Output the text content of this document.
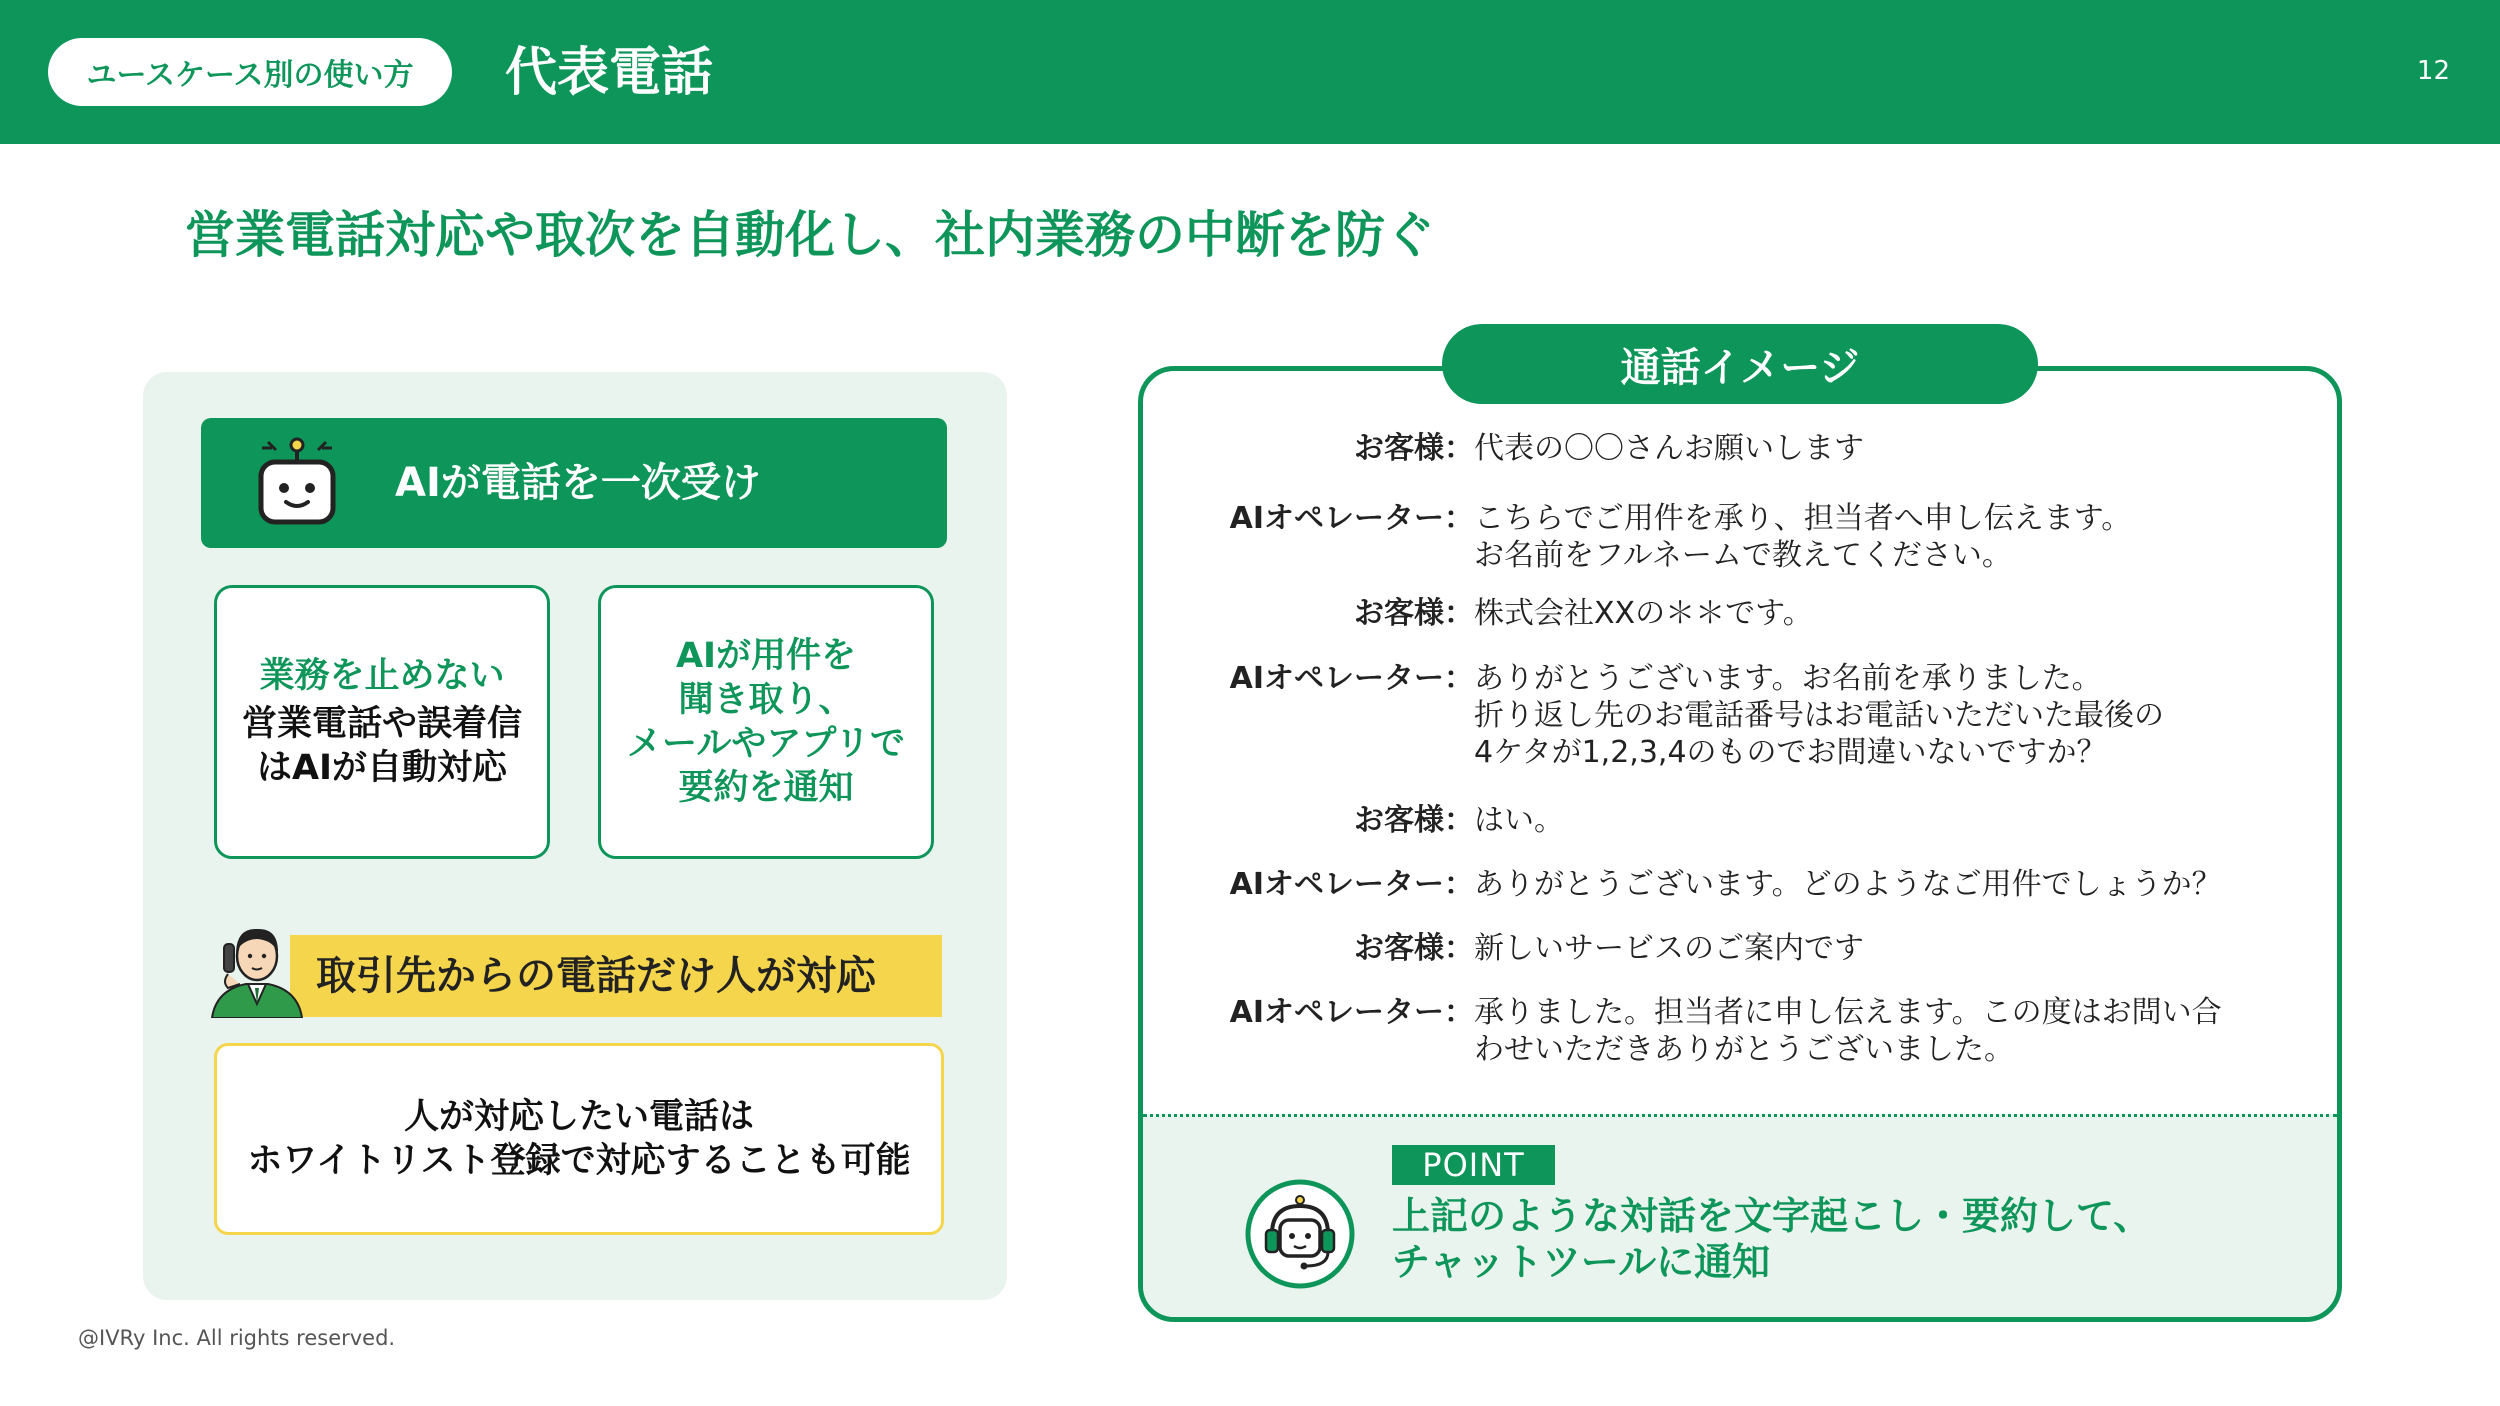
ユースケース別の使い方	代表電話	12
営業電話対応や取次を自動化し、社内業務の中断を防ぐ
AIが電話を一次受け
業務を止めない
営業電話や誤着信
はAIが自動対応
AIが用件を
聞き取り、
メールやアプリで
要約を通知
取引先からの電話だけ人が対応
人が対応したい電話は
ホワイトリスト登録で対応することも可能
@IVRy Inc. All rights reserved.
通話イメージ
お客様 ： 代表の〇〇さんお願いします
AIオペレーター ： こちらでご用件を承り、担当者へ申し伝えます。
お名前をフルネームで教えてください。
お客様 ： 株式会社XXの＊＊です。
AIオペレーター ： ありがとうございます。お名前を承りました。
折り返し先のお電話番号はお電話いただいた最後の
4ケタが1,2,3,4のものでお間違いないですか？
お客様 ： はい。
AIオペレーター ： ありがとうございます。どのようなご用件でしょうか？
お客様 ： 新しいサービスのご案内です
AIオペレーター ： 承りました。担当者に申し伝えます。この度はお問い合
わせいただきありがとうございました。
POINT
上記のような対話を文字起こし・要約して、
チャットツールに通知
